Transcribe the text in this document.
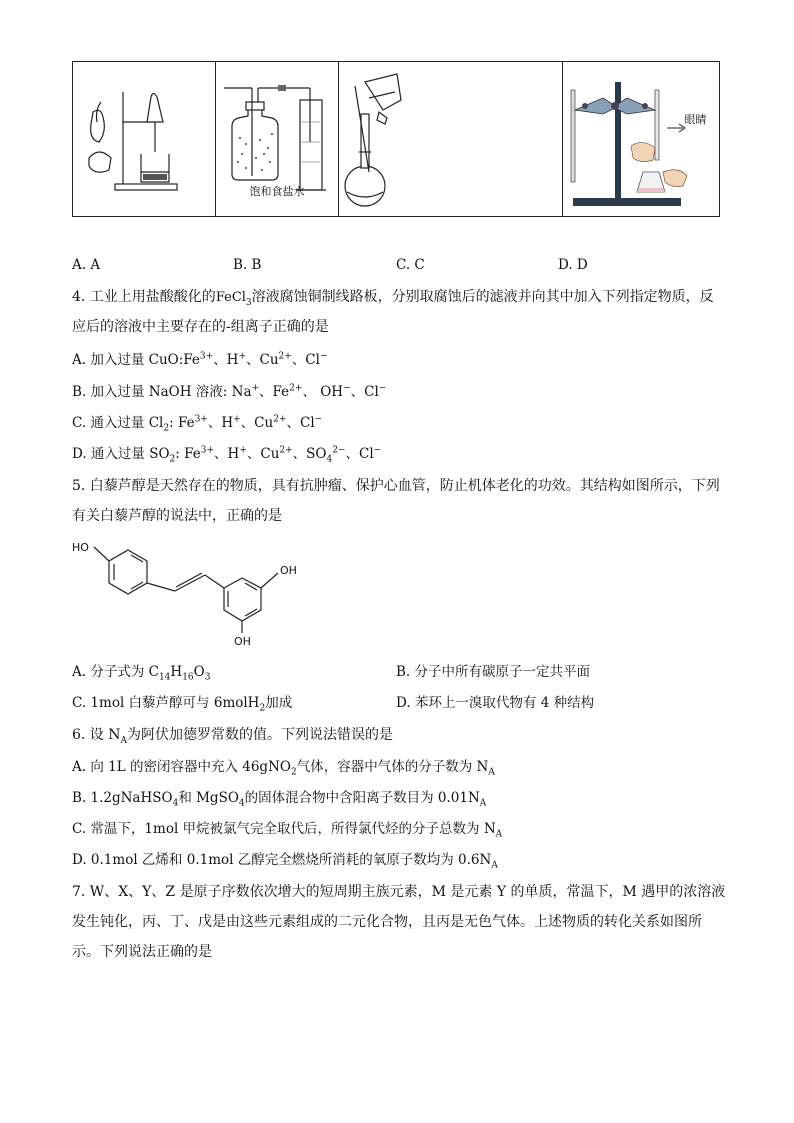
饱和食盐水
眼睛
A. A	B. B	C. C	D. D
4. 工业上用盐酸酸化的FeCl$_3$溶液腐蚀铜制线路板，分别取腐蚀后的滤液并向其中加入下列指定物质，反
应后的溶液中主要存在的-组离子正确的是
A. 加入过量 $CuO:Fe^{3+}$、H+、$Cu^{2+}$、Cl−
B. 加入过量 NaOH 溶液: Na+、$Fe^{2+}$、 OH−、Cl−
C. 通入过量 $Cl_2$: $Fe^{3+}$、H+、$Cu^{2+}$、Cl−
D. 通入过量 $SO_2$: $Fe^{3+}$、H+、$Cu^{2+}$、$SO_4^{2-}$、Cl−
5. 白藜芦醇是天然存在的物质，具有抗肿瘤、保护心血管，防止机体老化的功效。其结构如图所示，下列
有关白藜芦醇的说法中，正确的是
HO
OH
OH
A. 分子式为 $C_{14}H_{16}O_3$	B. 分子中所有碳原子一定共平面
C. 1mol 白藜芦醇可与 6molH$_2$加成	D. 苯环上一溴取代物有 4 种结构
6. 设 $N_A$为阿伏加德罗常数的值。下列说法错误的是
A. 向 1L 的密闭容器中充入 46gNO$_2$气体，容器中气体的分子数为 $N_A$
B. 1.2gNaHSO$_4$和 MgSO$_4$的固体混合物中含阳离子数目为 $0.01N_A$
C. 常温下，1mol 甲烷被氯气完全取代后，所得氯代烃的分子总数为 $N_A$
D. 0.1mol 乙烯和 0.1mol 乙醇完全燃烧所消耗的氧原子数均为 $0.6N_A$
7. W、X、Y、Z 是原子序数依次增大的短周期主族元素，M 是元素 Y 的单质，常温下，M 遇甲的浓溶液
发生钝化，丙、丁、戊是由这些元素组成的二元化合物，且丙是无色气体。上述物质的转化关系如图所
示。下列说法正确的是
